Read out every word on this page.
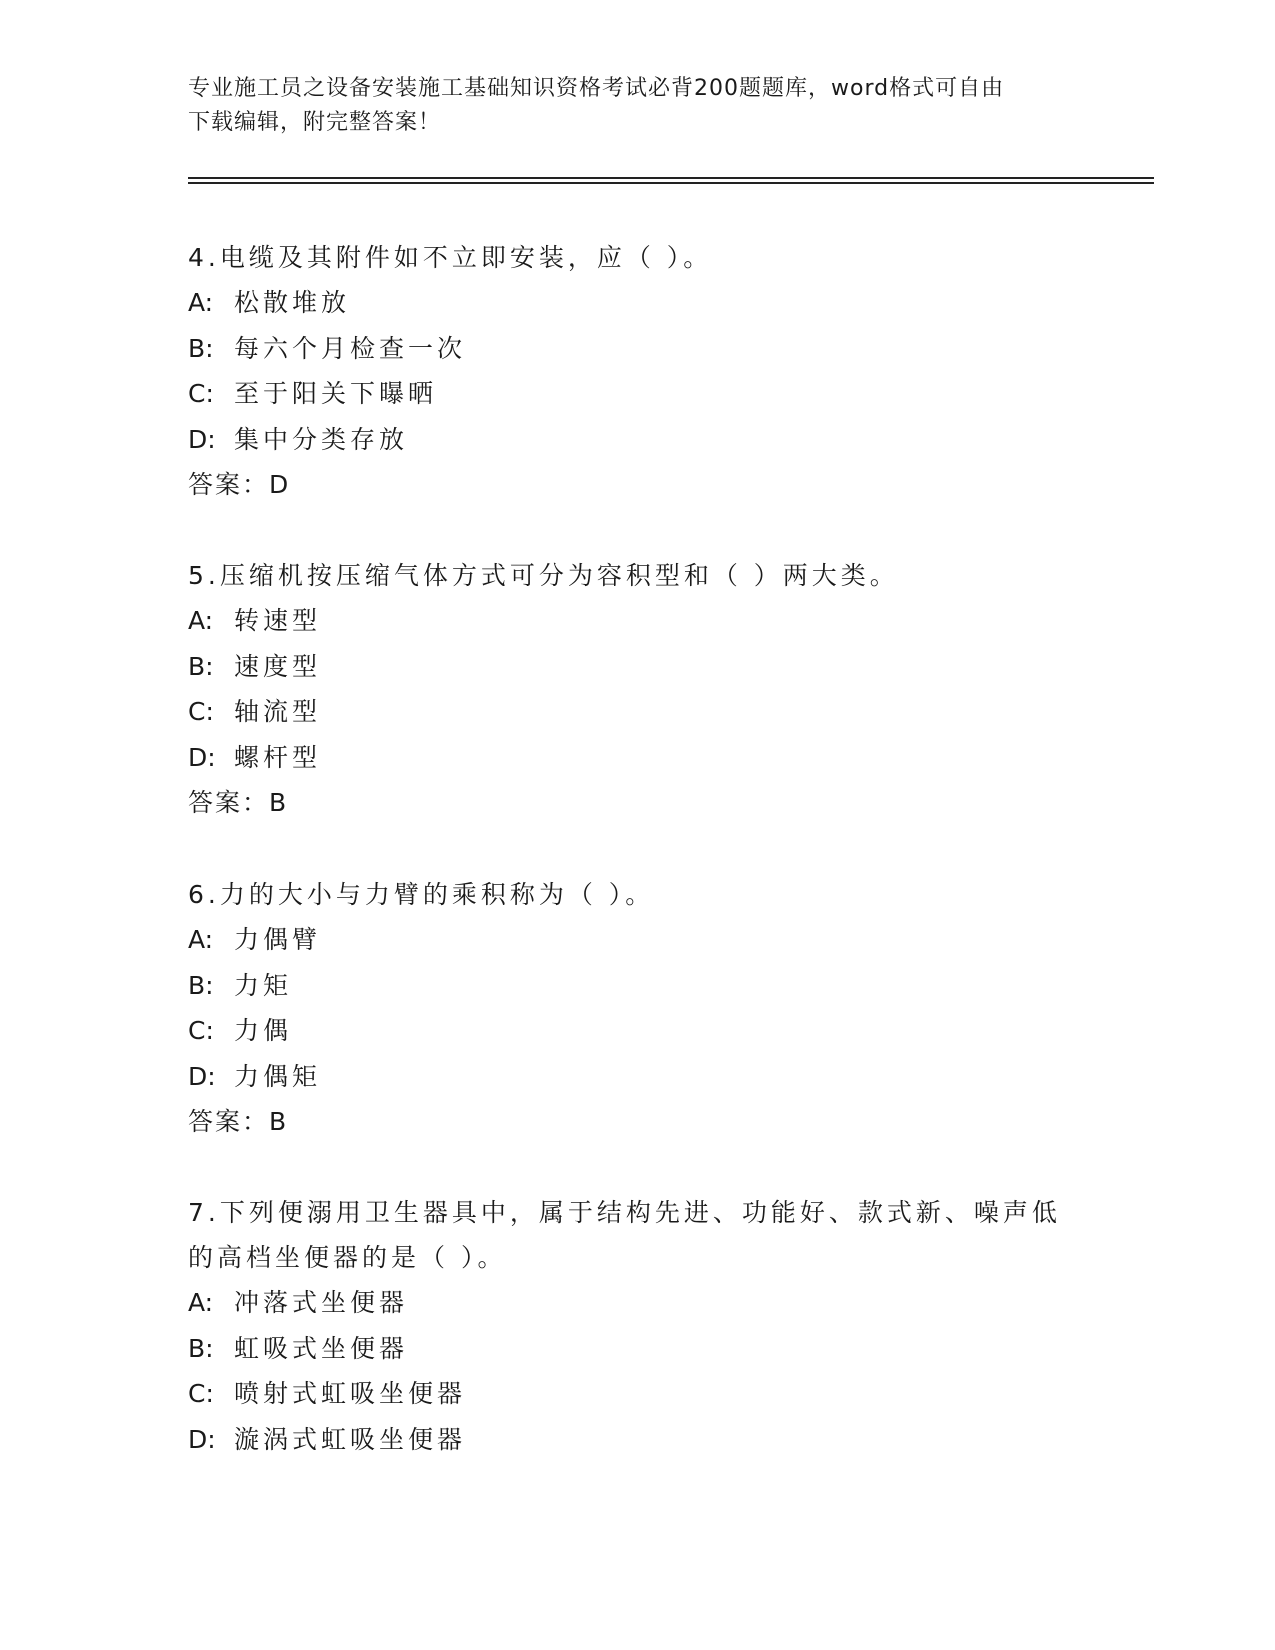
专业施工员之设备安装施工基础知识资格考试必背200题题库，word格式可自由
下载编辑，附完整答案！
4.电缆及其附件如不立即安装，应（ ）。
A: 松散堆放
B: 每六个月检查一次
C: 至于阳关下曝晒
D: 集中分类存放
答案：D
5.压缩机按压缩气体方式可分为容积型和（ ）两大类。
A: 转速型
B: 速度型
C: 轴流型
D: 螺杆型
答案：B
6.力的大小与力臂的乘积称为（ ）。
A: 力偶臂
B: 力矩
C: 力偶
D: 力偶矩
答案：B
7.下列便溺用卫生器具中，属于结构先进、功能好、款式新、噪声低的高档坐便器的是（ ）。
A: 冲落式坐便器
B: 虹吸式坐便器
C: 喷射式虹吸坐便器
D: 漩涡式虹吸坐便器
